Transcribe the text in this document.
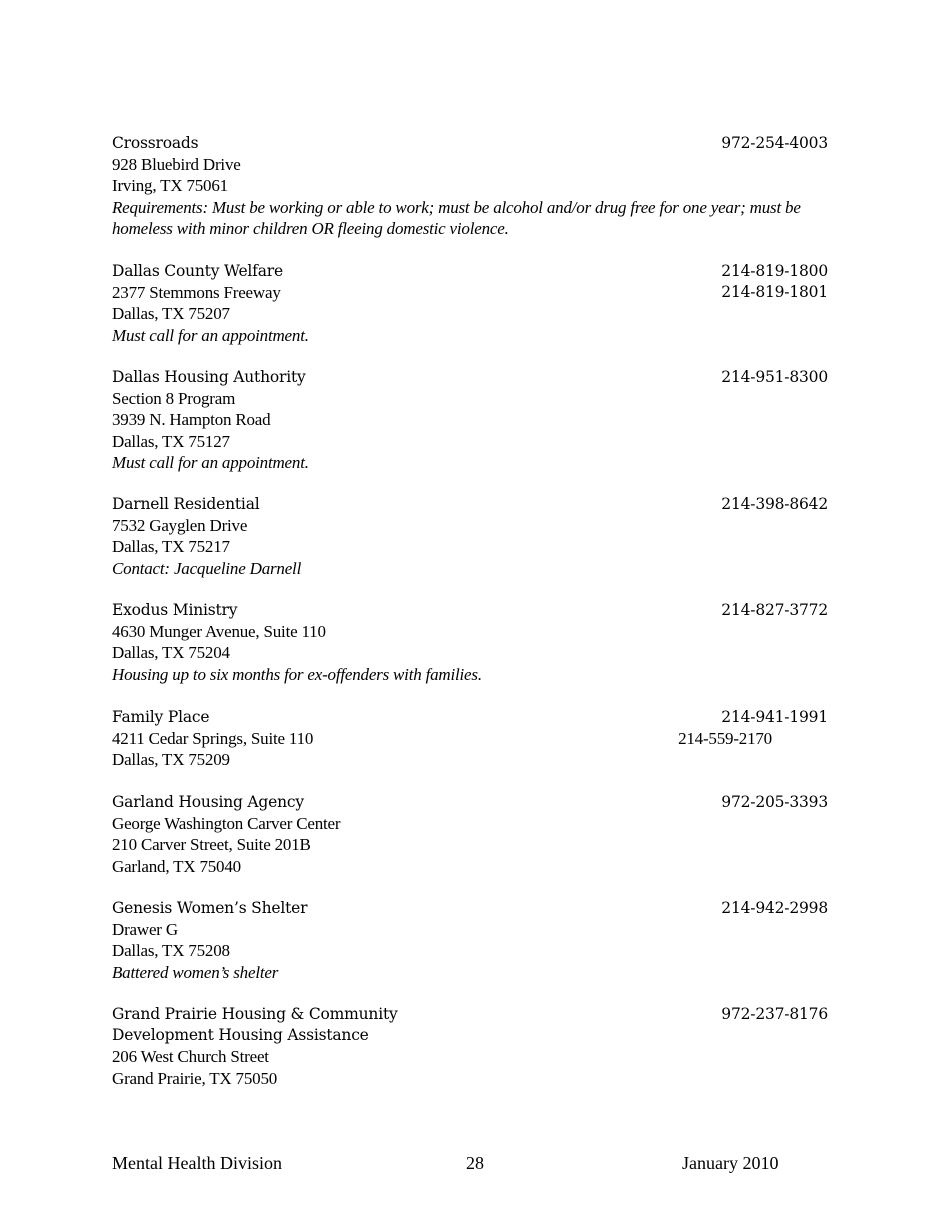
Crossroads	972-254-4003
928 Bluebird Drive
Irving, TX 75061
Requirements: Must be working or able to work; must be alcohol and/or drug free for one year; must be homeless with minor children OR fleeing domestic violence.
Dallas County Welfare	214-819-1800
2377 Stemmons Freeway	214-819-1801
Dallas, TX 75207
Must call for an appointment.
Dallas Housing Authority	214-951-8300
Section 8 Program
3939 N. Hampton Road
Dallas, TX 75127
Must call for an appointment.
Darnell Residential	214-398-8642
7532 Gayglen Drive
Dallas, TX 75217
Contact: Jacqueline Darnell
Exodus Ministry	214-827-3772
4630 Munger Avenue, Suite 110
Dallas, TX 75204
Housing up to six months for ex-offenders with families.
Family Place	214-941-1991
4211 Cedar Springs, Suite 110	214-559-2170
Dallas, TX 75209
Garland Housing Agency	972-205-3393
George Washington Carver Center
210 Carver Street, Suite 201B
Garland, TX 75040
Genesis Women’s Shelter	214-942-2998
Drawer G
Dallas, TX 75208
Battered women’s shelter
Grand Prairie Housing & Community	972-237-8176
Development Housing Assistance
206 West Church Street
Grand Prairie, TX 75050
Mental Health Division	28	January 2010
